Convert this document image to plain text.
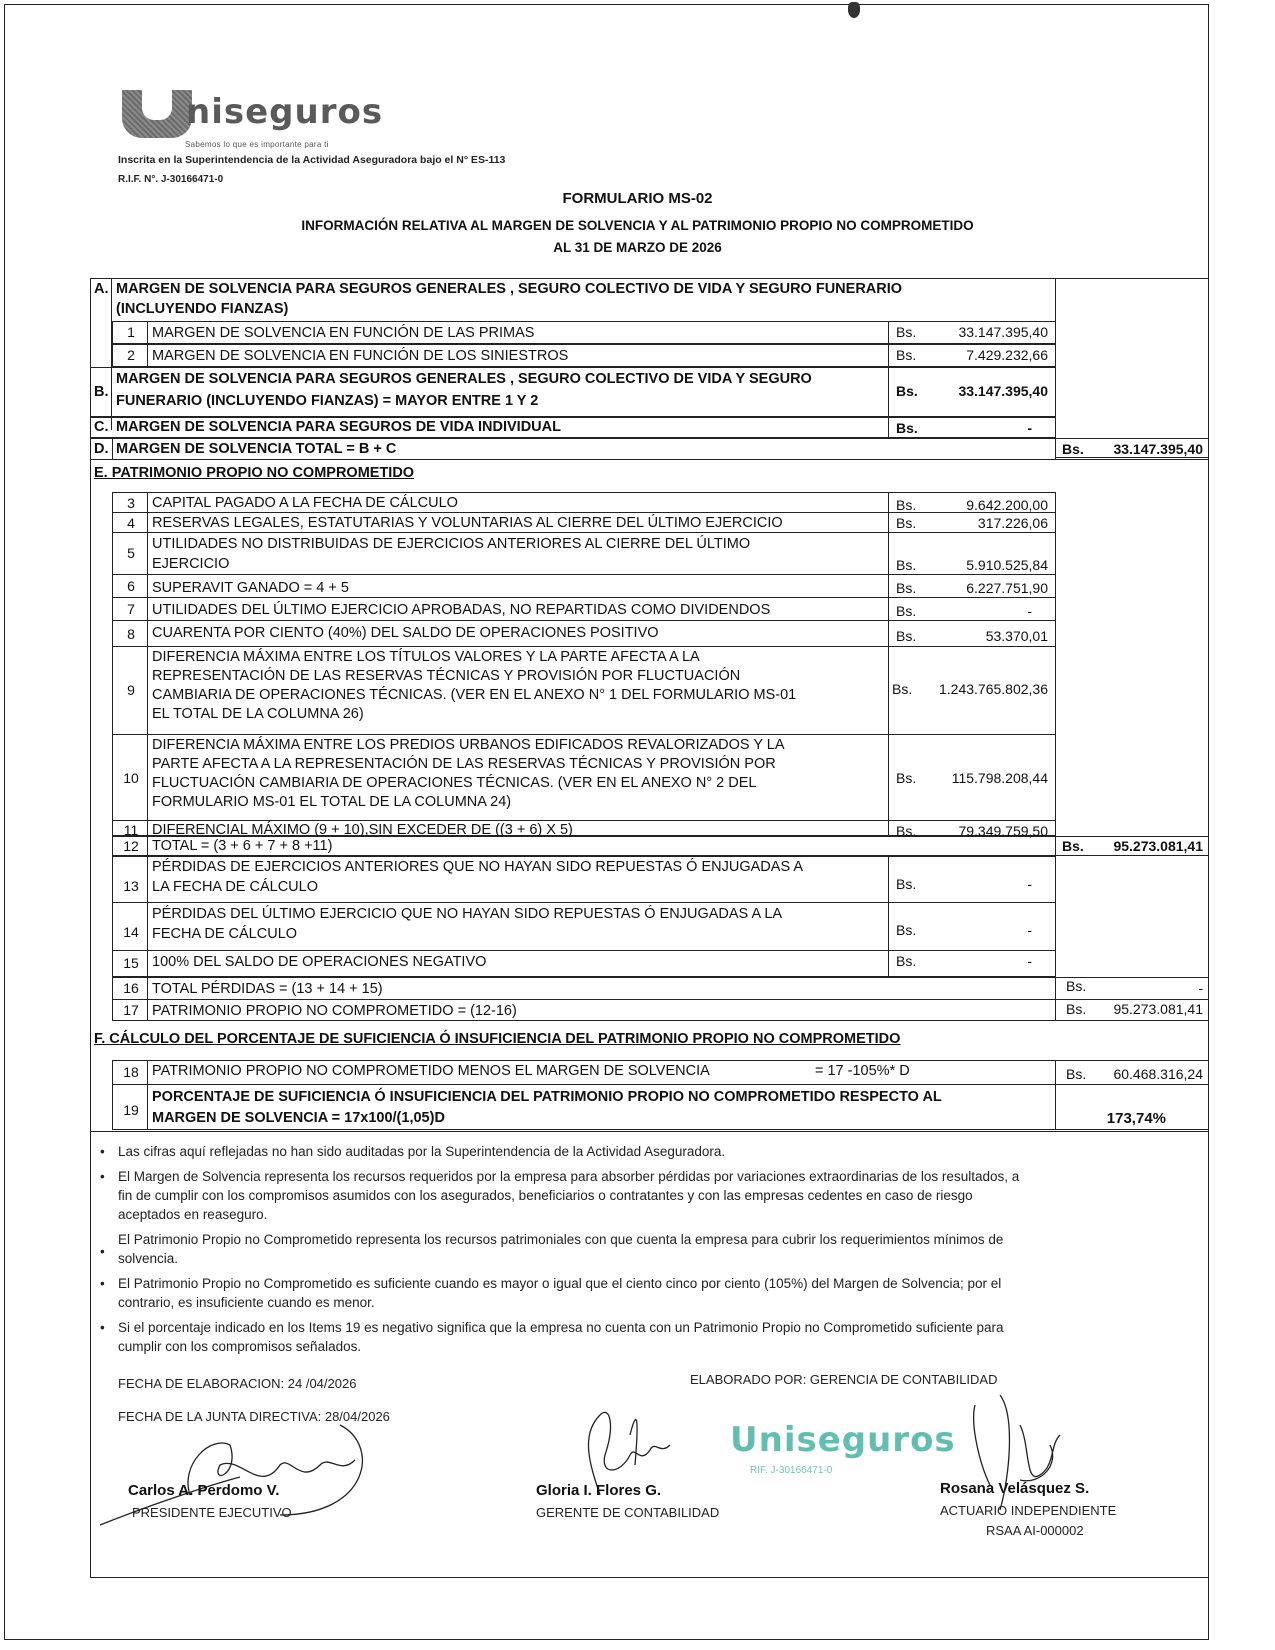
niseguros
Sabemos lo que es importante para ti
Inscrita en la Superintendencia de la Actividad Aseguradora bajo el N° ES-113
R.I.F. N°. J-30166471-0
FORMULARIO MS-02
INFORMACIÓN RELATIVA AL MARGEN DE SOLVENCIA Y AL PATRIMONIO PROPIO NO COMPROMETIDO
AL 31 DE MARZO DE 2026
A. MARGEN DE SOLVENCIA PARA SEGUROS GENERALES , SEGURO COLECTIVO DE VIDA Y SEGURO FUNERARIO
(INCLUYENDO FIANZAS)
1	MARGEN DE SOLVENCIA EN FUNCIÓN DE LAS PRIMAS	Bs.	33.147.395,40
2	MARGEN DE SOLVENCIA EN FUNCIÓN DE LOS SINIESTROS	Bs.	7.429.232,66
B.
MARGEN DE SOLVENCIA PARA SEGUROS GENERALES , SEGURO COLECTIVO DE VIDA Y SEGURO
FUNERARIO (INCLUYENDO FIANZAS) = MAYOR ENTRE 1 Y 2
Bs.	33.147.395,40
C. MARGEN DE SOLVENCIA PARA SEGUROS DE VIDA INDIVIDUAL	Bs.	-
D. MARGEN DE SOLVENCIA TOTAL = B + C	Bs.	33.147.395,40
E. PATRIMONIO PROPIO NO COMPROMETIDO
3	CAPITAL PAGADO A LA FECHA DE CÁLCULO	Bs.	9.642.200,00
4	RESERVAS LEGALES, ESTATUTARIAS Y VOLUNTARIAS AL CIERRE DEL ÚLTIMO EJERCICIO	Bs.	317.226,06
5
UTILIDADES NO DISTRIBUIDAS DE EJERCICIOS ANTERIORES AL CIERRE DEL ÚLTIMO
EJERCICIO	Bs.	5.910.525,84
6	SUPERAVIT GANADO = 4 + 5	Bs.	6.227.751,90
7	UTILIDADES DEL ÚLTIMO EJERCICIO APROBADAS, NO REPARTIDAS COMO DIVIDENDOS	Bs.	-
8	CUARENTA POR CIENTO (40%) DEL SALDO DE OPERACIONES POSITIVO	Bs.	53.370,01
9
DIFERENCIA MÁXIMA ENTRE LOS TÍTULOS VALORES Y LA PARTE AFECTA A LA
REPRESENTACIÓN DE LAS RESERVAS TÉCNICAS Y PROVISIÓN POR FLUCTUACIÓN
CAMBIARIA DE OPERACIONES TÉCNICAS. (VER EN EL ANEXO N° 1 DEL FORMULARIO MS-01
EL TOTAL DE LA COLUMNA 26)
Bs.	1.243.765.802,36
10
DIFERENCIA MÁXIMA ENTRE LOS PREDIOS URBANOS EDIFICADOS REVALORIZADOS Y LA
PARTE AFECTA A LA REPRESENTACIÓN DE LAS RESERVAS TÉCNICAS Y PROVISIÓN POR
FLUCTUACIÓN CAMBIARIA DE OPERACIONES TÉCNICAS. (VER EN EL ANEXO N° 2 DEL
FORMULARIO MS-01 EL TOTAL DE LA COLUMNA 24)
Bs.	115.798.208,44
11 DIFERENCIAL MÁXIMO (9 + 10),SIN EXCEDER DE ((3 + 6) X 5)	Bs.	79.349.759,50
12 TOTAL = (3 + 6 + 7 + 8 +11)	Bs.	95.273.081,41
13
PÉRDIDAS DE EJERCICIOS ANTERIORES QUE NO HAYAN SIDO REPUESTAS Ó ENJUGADAS A
LA FECHA DE CÁLCULO	Bs.	-
14
PÉRDIDAS DEL ÚLTIMO EJERCICIO QUE NO HAYAN SIDO REPUESTAS Ó ENJUGADAS A LA
FECHA DE CÁLCULO	Bs.	-
15 100% DEL SALDO DE OPERACIONES NEGATIVO	Bs.	-
16 TOTAL PÉRDIDAS = (13 + 14 + 15)	Bs.	-
17 PATRIMONIO PROPIO NO COMPROMETIDO = (12-16)	Bs.	95.273.081,41
F. CÁLCULO DEL PORCENTAJE DE SUFICIENCIA Ó INSUFICIENCIA DEL PATRIMONIO PROPIO NO COMPROMETIDO
18 PATRIMONIO PROPIO NO COMPROMETIDO MENOS EL MARGEN DE SOLVENCIA	= 17 -105%* D	Bs.	60.468.316,24
19
PORCENTAJE DE SUFICIENCIA Ó INSUFICIENCIA DEL PATRIMONIO PROPIO NO COMPROMETIDO RESPECTO AL
MARGEN DE SOLVENCIA = 17x100/(1,05)D	173,74%
• Las cifras aquí reflejadas no han sido auditadas por la Superintendencia de la Actividad Aseguradora.
• El Margen de Solvencia representa los recursos requeridos por la empresa para absorber pérdidas por variaciones extraordinarias de los resultados, a
fin de cumplir con los compromisos asumidos con los asegurados, beneficiarios o contratantes y con las empresas cedentes en caso de riesgo
aceptados en reaseguro.
•
El Patrimonio Propio no Comprometido representa los recursos patrimoniales con que cuenta la empresa para cubrir los requerimientos mínimos de
solvencia.
• El Patrimonio Propio no Comprometido es suficiente cuando es mayor o igual que el ciento cinco por ciento (105%) del Margen de Solvencia; por el
contrario, es insuficiente cuando es menor.
• Si el porcentaje indicado en los Items 19 es negativo significa que la empresa no cuenta con un Patrimonio Propio no Comprometido suficiente para
cumplir con los compromisos señalados.
FECHA DE ELABORACION: 24 /04/2026
FECHA DE LA JUNTA DIRECTIVA: 28/04/2026
ELABORADO POR: GERENCIA DE CONTABILIDAD
Uniseguros
RIF. J-30166471-0
Carlos A. Perdomo V.
PRESIDENTE EJECUTIVO
Gloria I. Flores G.
GERENTE DE CONTABILIDAD
Rosana Velásquez S.
ACTUARIO INDEPENDIENTE
RSAA AI-000002
